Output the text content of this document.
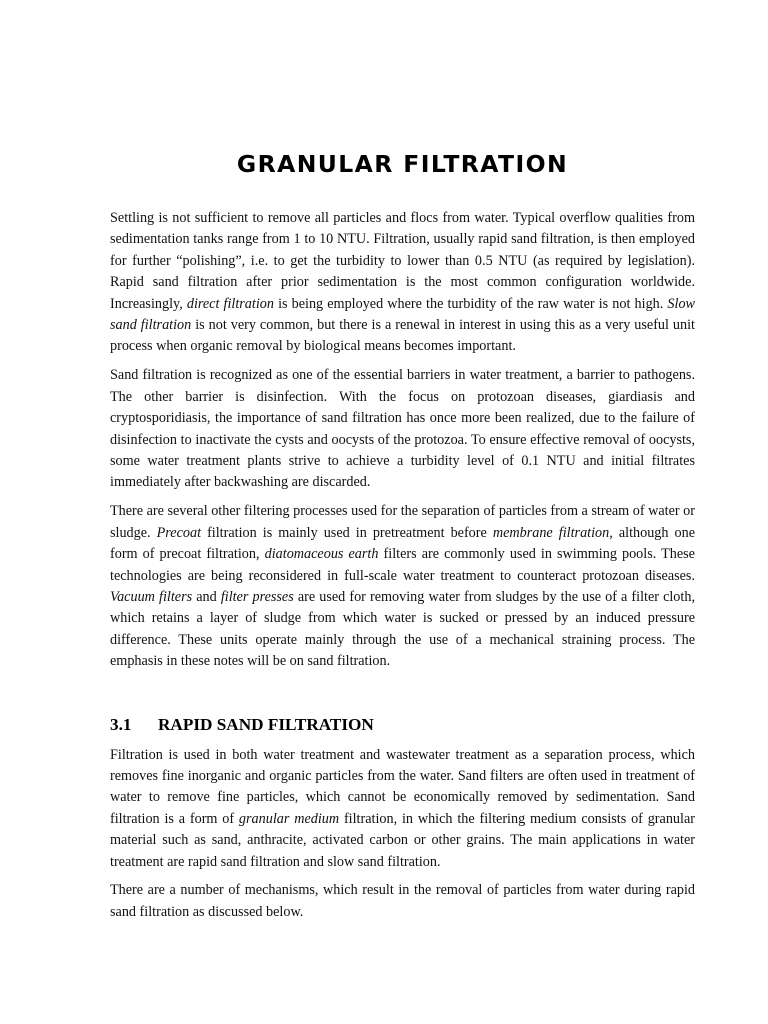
GRANULAR FILTRATION

Settling is not sufficient to remove all particles and flocs from water. Typical overflow qualities from sedimentation tanks range from 1 to 10 NTU. Filtration, usually rapid sand filtration, is then employed for further “polishing”, i.e. to get the turbidity to lower than 0.5 NTU (as required by legislation). Rapid sand filtration after prior sedimentation is the most common configuration worldwide. Increasingly, direct filtration is being employed where the turbidity of the raw water is not high. Slow sand filtration is not very common, but there is a renewal in interest in using this as a very useful unit process when organic removal by biological means becomes important.

Sand filtration is recognized as one of the essential barriers in water treatment, a barrier to pathogens. The other barrier is disinfection. With the focus on protozoan diseases, giardiasis and cryptosporidiasis, the importance of sand filtration has once more been realized, due to the failure of disinfection to inactivate the cysts and oocysts of the protozoa. To ensure effective removal of oocysts, some water treatment plants strive to achieve a turbidity level of 0.1 NTU and initial filtrates immediately after backwashing are discarded.

There are several other filtering processes used for the separation of particles from a stream of water or sludge. Precoat filtration is mainly used in pretreatment before membrane filtration, although one form of precoat filtration, diatomaceous earth filters are commonly used in swimming pools. These technologies are being reconsidered in full-scale water treatment to counteract protozoan diseases. Vacuum filters and filter presses are used for removing water from sludges by the use of a filter cloth, which retains a layer of sludge from which water is sucked or pressed by an induced pressure difference. These units operate mainly through the use of a mechanical straining process. The emphasis in these notes will be on sand filtration.

3.1 RAPID SAND FILTRATION

Filtration is used in both water treatment and wastewater treatment as a separation process, which removes fine inorganic and organic particles from the water. Sand filters are often used in treatment of water to remove fine particles, which cannot be economically removed by sedimentation. Sand filtration is a form of granular medium filtration, in which the filtering medium consists of granular material such as sand, anthracite, activated carbon or other grains. The main applications in water treatment are rapid sand filtration and slow sand filtration.

There are a number of mechanisms, which result in the removal of particles from water during rapid sand filtration as discussed below.
